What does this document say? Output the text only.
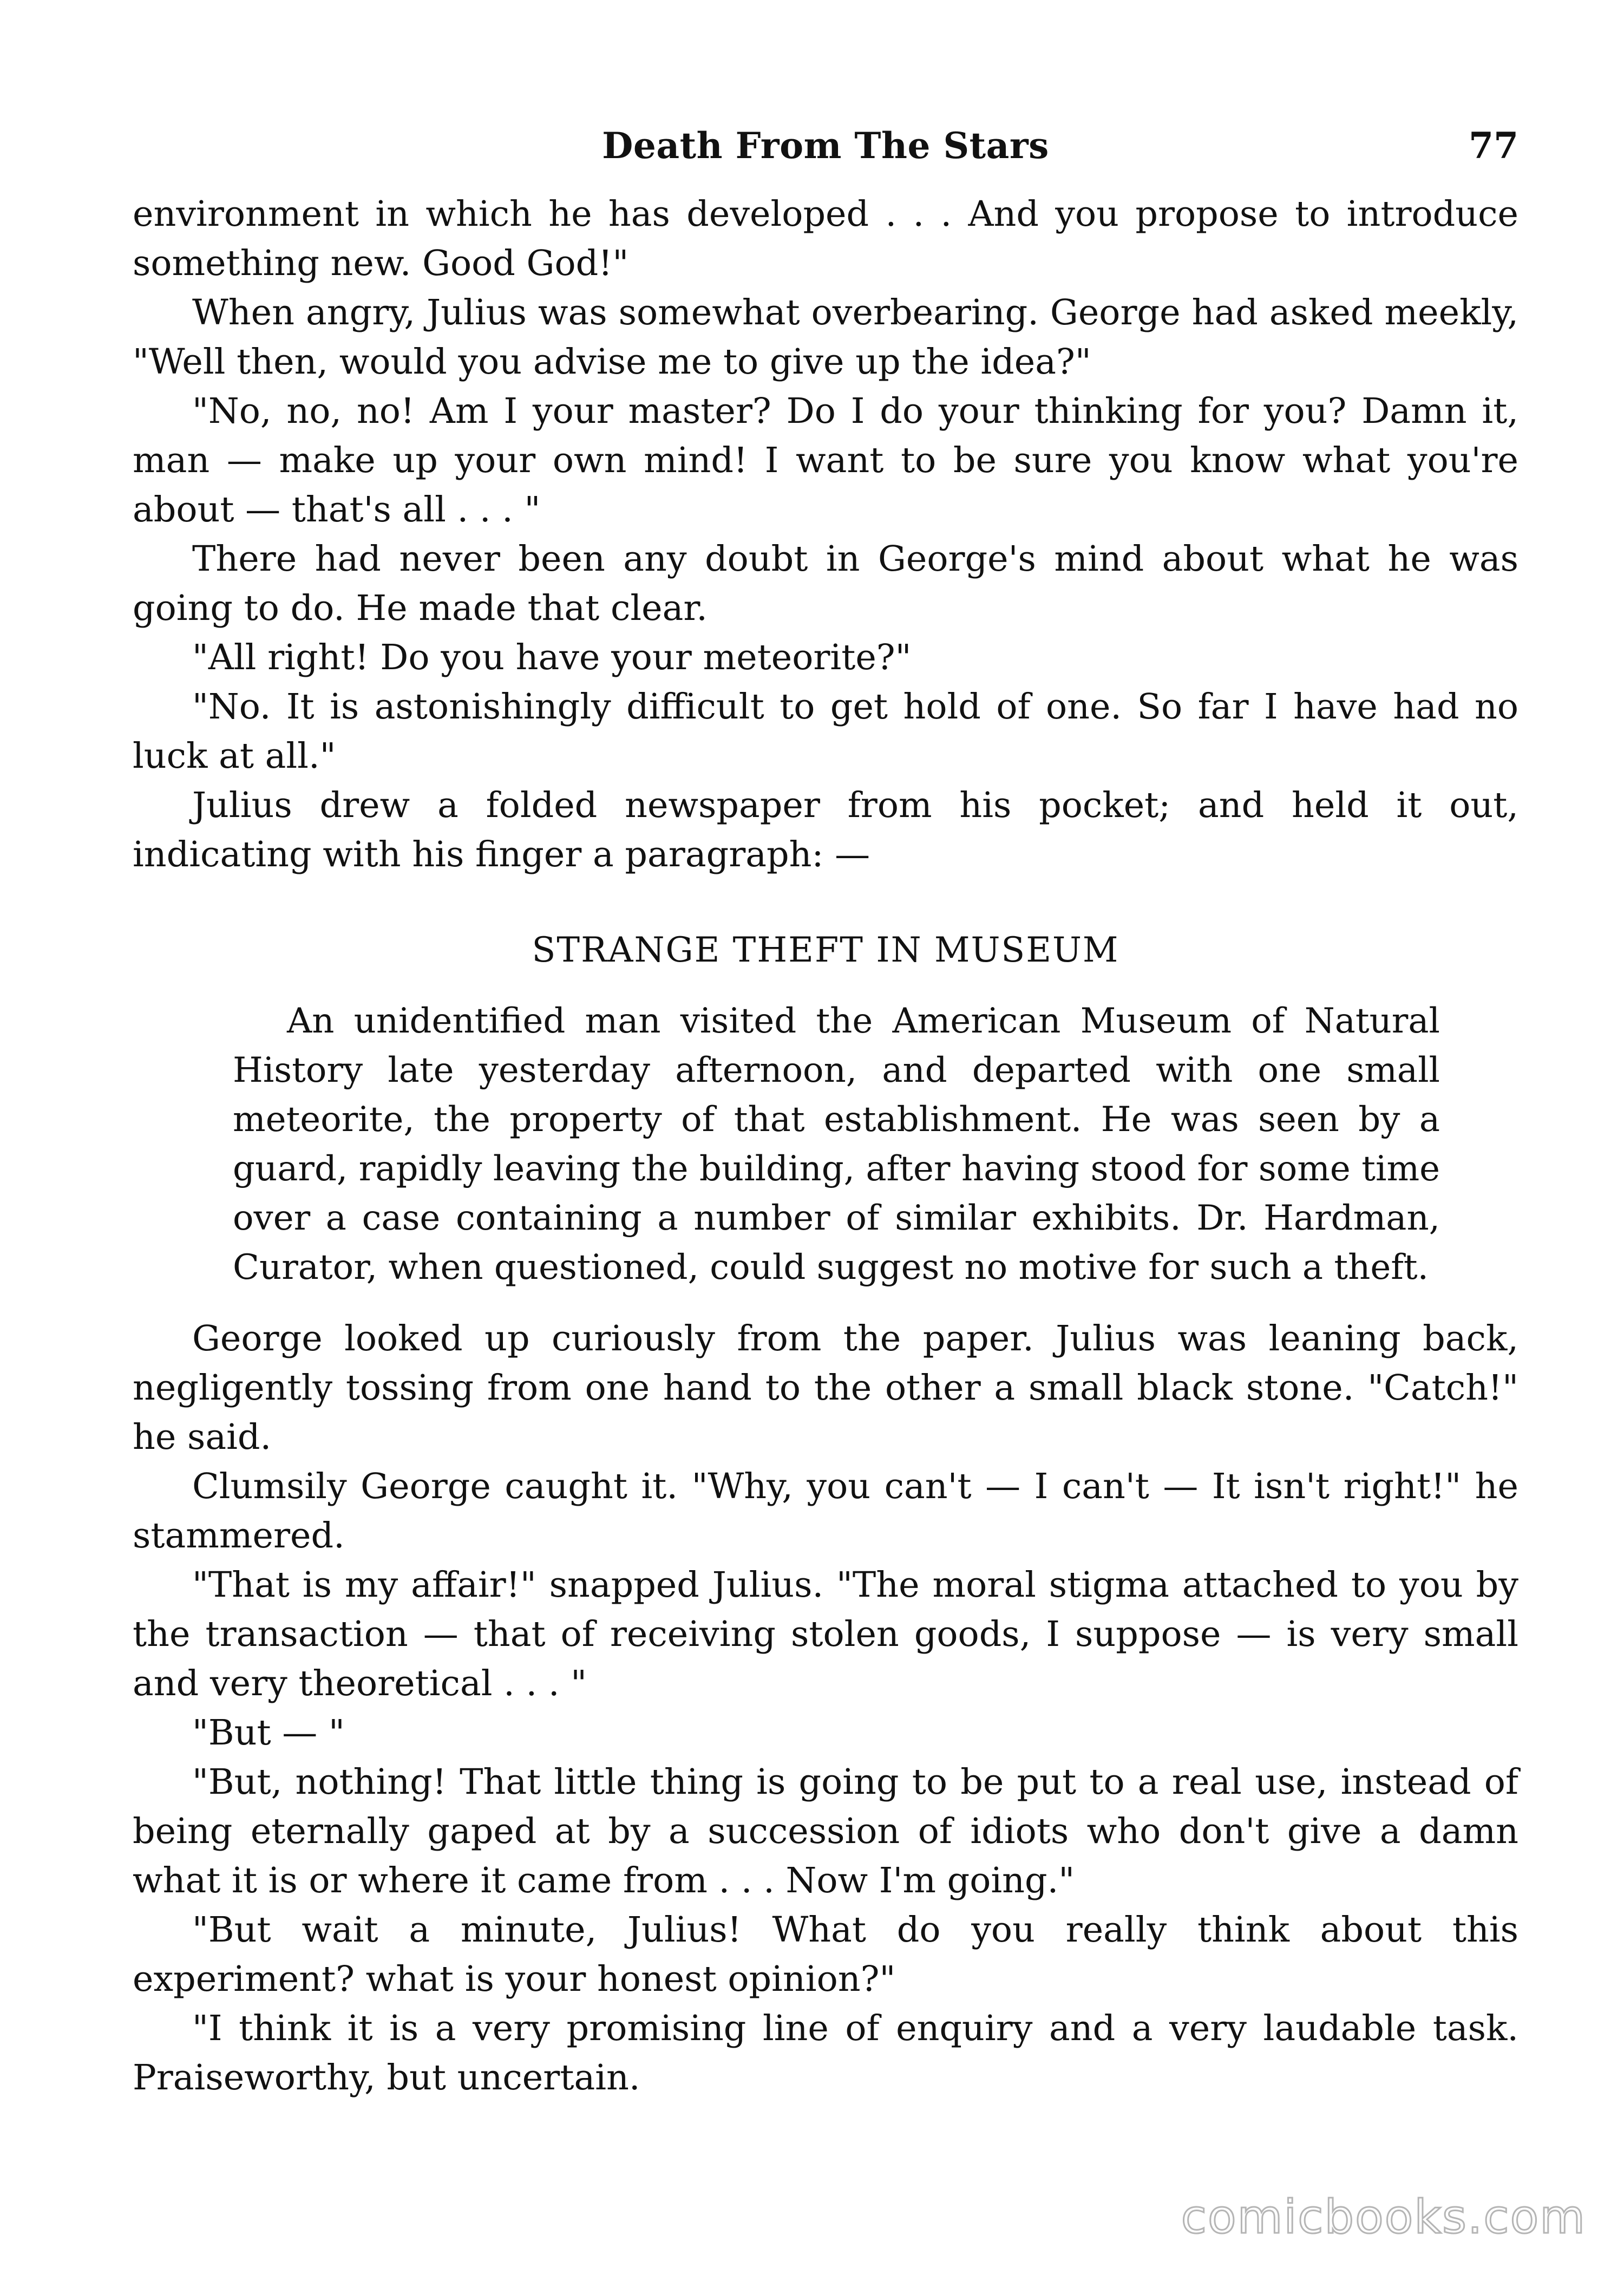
Death From The Stars	77

environment in which he has developed . . . And you propose to introduce something new. Good God!"

When angry, Julius was somewhat overbearing. George had asked meekly, "Well then, would you advise me to give up the idea?"

"No, no, no! Am I your master? Do I do your thinking for you? Damn it, man — make up your own mind! I want to be sure you know what you're about — that's all . . . "

There had never been any doubt in George's mind about what he was going to do. He made that clear.

"All right! Do you have your meteorite?"

"No. It is astonishingly difficult to get hold of one. So far I have had no luck at all."

Julius drew a folded newspaper from his pocket; and held it out, indicating with his finger a paragraph: —

STRANGE THEFT IN MUSEUM
An unidentified man visited the American Museum of Natural History late yesterday afternoon, and departed with one small meteorite, the property of that establishment. He was seen by a guard, rapidly leaving the building, after having stood for some time over a case containing a number of similar exhibits. Dr. Hardman, Curator, when questioned, could suggest no motive for such a theft.

George looked up curiously from the paper. Julius was leaning back, negligently tossing from one hand to the other a small black stone. "Catch!" he said.

Clumsily George caught it. "Why, you can't — I can't — It isn't right!" he stammered.

"That is my affair!" snapped Julius. "The moral stigma attached to you by the transaction — that of receiving stolen goods, I suppose — is very small and very theoretical . . . "

"But — "

"But, nothing! That little thing is going to be put to a real use, instead of being eternally gaped at by a succession of idiots who don't give a damn what it is or where it came from . . . Now I'm going."

"But wait a minute, Julius! What do you really think about this experiment? what is your honest opinion?"

"I think it is a very promising line of enquiry and a very laudable task. Praiseworthy, but uncertain.

comicbooks.com
